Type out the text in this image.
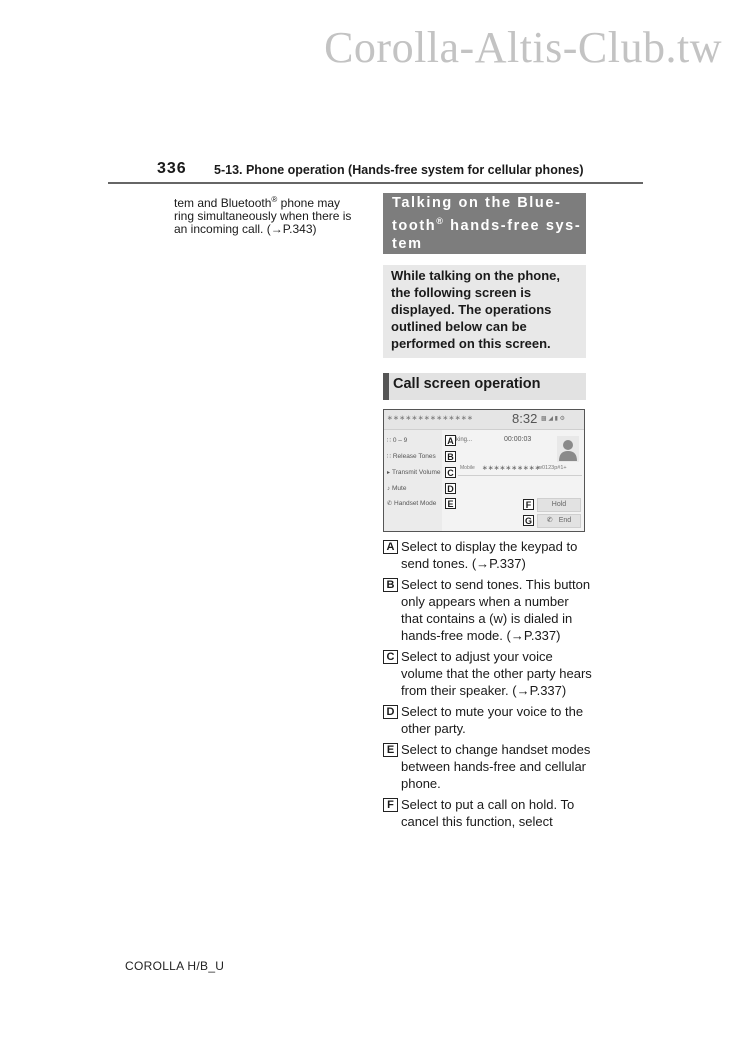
Corolla-Altis-Club.tw
336 5-13. Phone operation (Hands-free system for cellular phones)

tem and Bluetooth® phone may

ring simultaneously when there is

an incoming call. (→P.343)

Talking on the Blue-
tooth® hands-free sys-
tem
While talking on the phone, the following screen is displayed. The operations outlined below can be performed on this screen.
Call screen operation
∗∗∗∗∗∗∗∗∗∗∗∗∗∗	8:32 ▩ ◢ ▮ ⚙
∷ 0 – 9
∷ Release Tones
▸ Transmit Volume
♪ Mute
✆ Handset Mode
A
B
C
D
E
king...	00:00:03
Mobile ∗∗∗∗∗∗∗∗∗∗
w0123p#1+
F	Hold
G	✆ End
A Select to display the keypad to send tones. (→P.337)
B Select to send tones. This button only appears when a number that contains a (w) is dialed in hands-free mode. (→P.337)
C Select to adjust your voice volume that the other party hears from their speaker. (→P.337)
D Select to mute your voice to the other party.
E Select to change handset modes between hands-free and cellular phone.
F Select to put a call on hold. To cancel this function, select
COROLLA H/B_U
